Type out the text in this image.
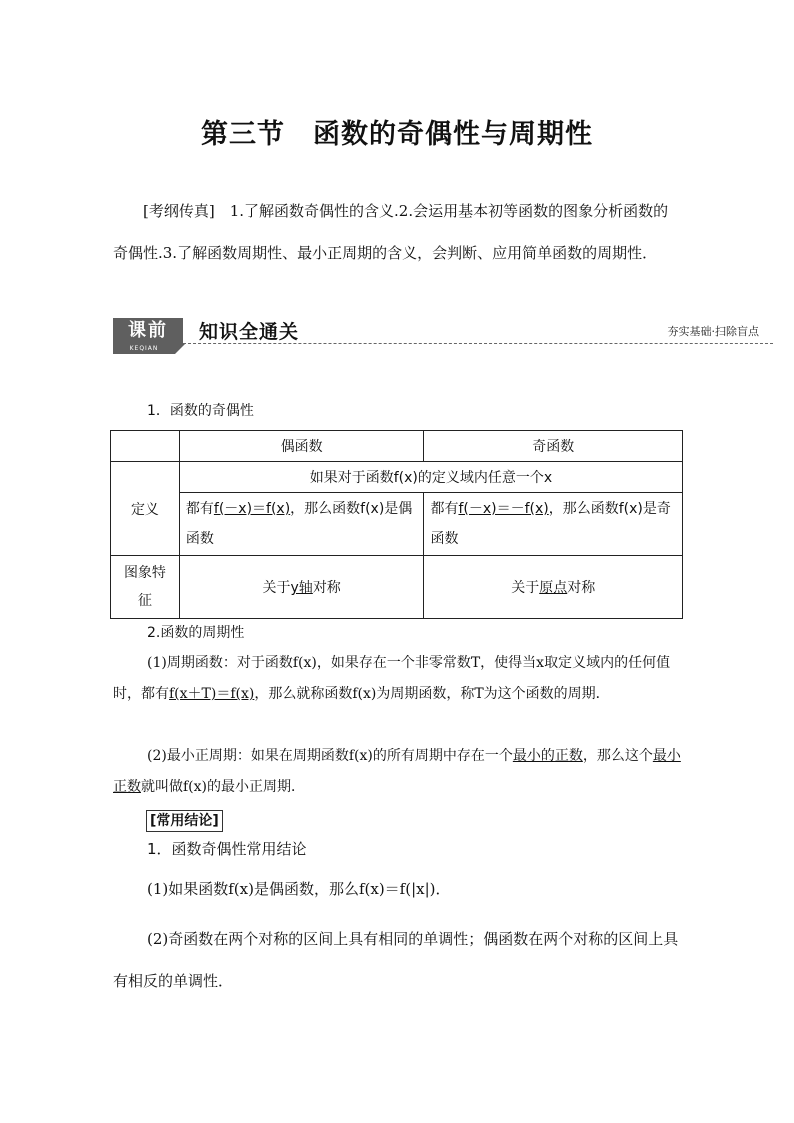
第三节　函数的奇偶性与周期性
[考纲传真]　1.了解函数奇偶性的含义.2.会运用基本初等函数的图象分析函数的奇偶性.3.了解函数周期性、最小正周期的含义，会判断、应用简单函数的周期性．
课前
KEQIAN
知识全通关	夯实基础·扫除盲点
1．函数的奇偶性
	偶函数	奇函数
定义	如果对于函数f(x)的定义域内任意一个x	
	都有f(－x)＝f(x)，那么函数f(x)是偶函数	都有f(－x)＝－f(x)，那么函数f(x)是奇函数
图象特征	关于y轴对称	关于原点对称
2.函数的周期性
(1)周期函数：对于函数f(x)，如果存在一个非零常数T，使得当x取定义域内的任何值时，都有f(x＋T)＝f(x)，那么就称函数f(x)为周期函数，称T为这个函数的周期．
(2)最小正周期：如果在周期函数f(x)的所有周期中存在一个最小的正数，那么这个最小正数就叫做f(x)的最小正周期．
[常用结论]
1．函数奇偶性常用结论
(1)如果函数f(x)是偶函数，那么f(x)＝f(|x|)．
(2)奇函数在两个对称的区间上具有相同的单调性；偶函数在两个对称的区间上具有相反的单调性．
